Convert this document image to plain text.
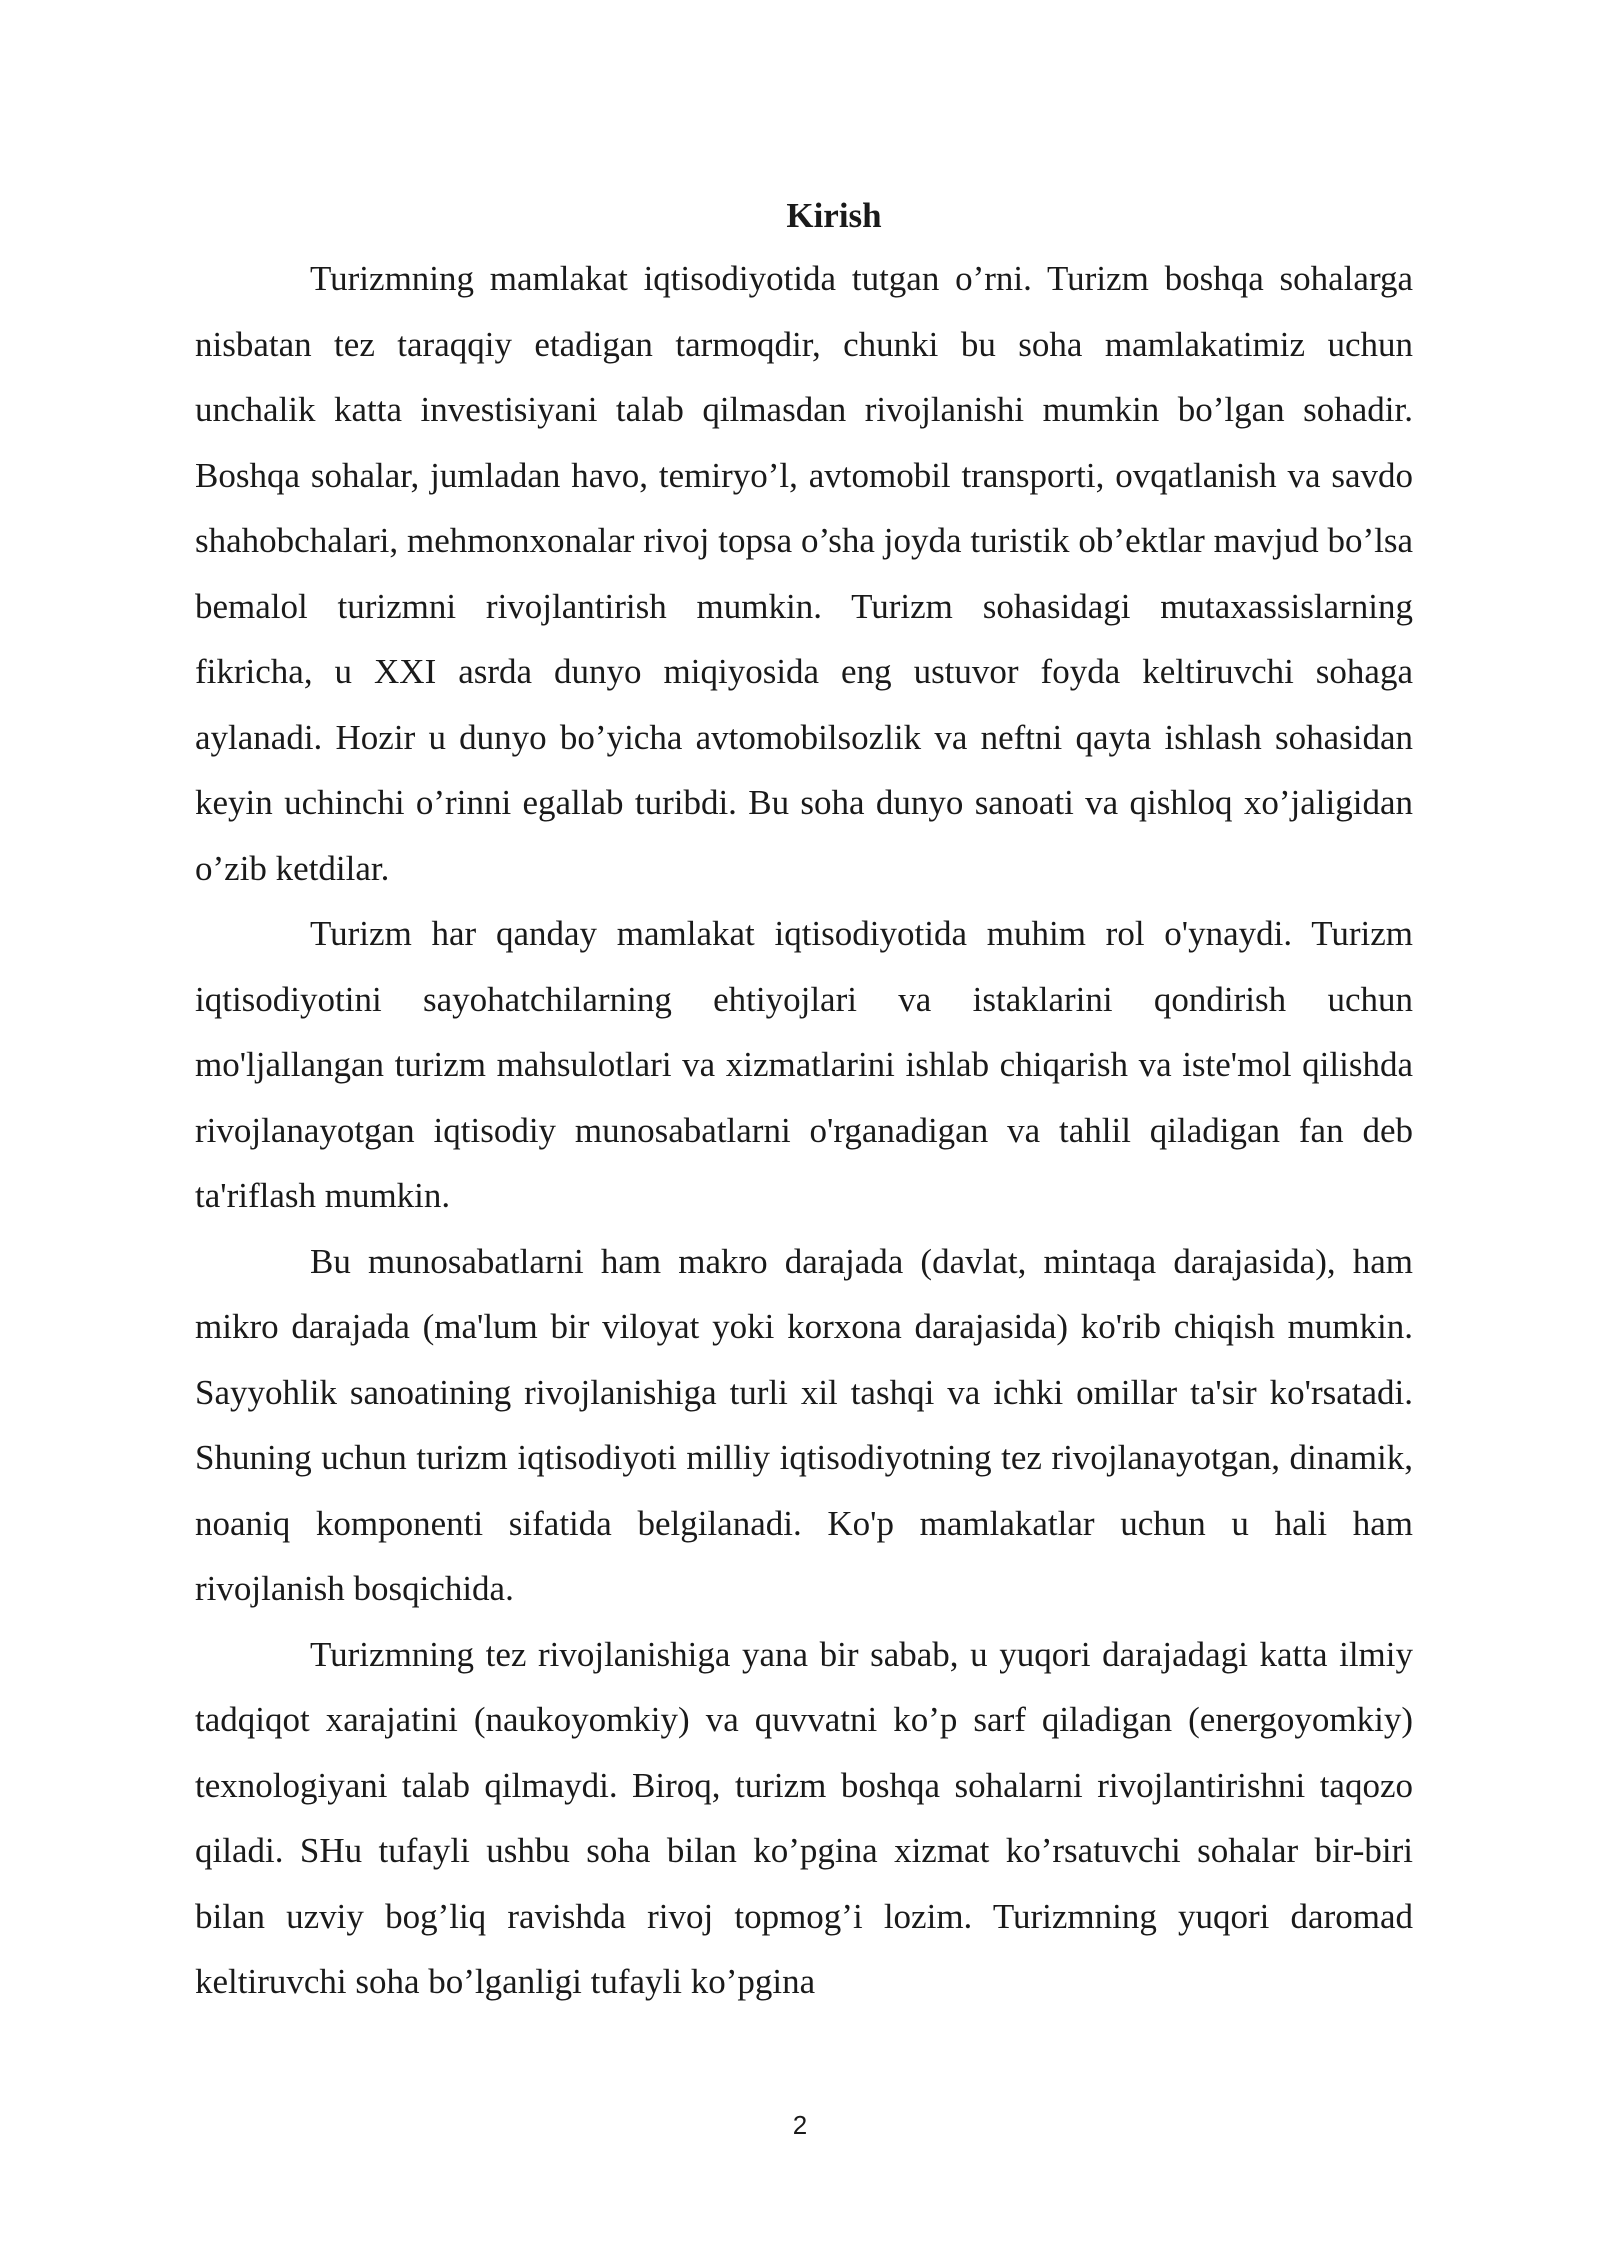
Kirish

Turizmning mamlakat iqtisodiyotida tutgan o’rni. Turizm boshqa sohalarga nisbatan tez taraqqiy etadigan tarmoqdir, chunki bu soha mamlakatimiz uchun unchalik katta investisiyani talab qilmasdan rivojlanishi mumkin bo’lgan sohadir. Boshqa sohalar, jumladan havo, temiryo’l, avtomobil transporti, ovqatlanish va savdo shahobchalari, mehmonxonalar rivoj topsa o’sha joyda turistik ob’ektlar mavjud bo’lsa bemalol turizmni rivojlantirish mumkin. Turizm sohasidagi mutaxassislarning fikricha, u XXI asrda dunyo miqiyosida eng ustuvor foyda keltiruvchi sohaga aylanadi. Hozir u dunyo bo’yicha avtomobilsozlik va neftni qayta ishlash sohasidan keyin uchinchi o’rinni egallab turibdi. Bu soha dunyo sanoati va qishloq xo’jaligidan o’zib ketdilar.

Turizm har qanday mamlakat iqtisodiyotida muhim rol o'ynaydi. Turizm iqtisodiyotini sayohatchilarning ehtiyojlari va istaklarini qondirish uchun mo'ljallangan turizm mahsulotlari va xizmatlarini ishlab chiqarish va iste'mol qilishda rivojlanayotgan iqtisodiy munosabatlarni o'rganadigan va tahlil qiladigan fan deb ta'riflash mumkin.

Bu munosabatlarni ham makro darajada (davlat, mintaqa darajasida), ham mikro darajada (ma'lum bir viloyat yoki korxona darajasida) ko'rib chiqish mumkin. Sayyohlik sanoatining rivojlanishiga turli xil tashqi va ichki omillar ta'sir ko'rsatadi. Shuning uchun turizm iqtisodiyoti milliy iqtisodiyotning tez rivojlanayotgan, dinamik, noaniq komponenti sifatida belgilanadi. Ko'p mamlakatlar uchun u hali ham rivojlanish bosqichida.

Turizmning tez rivojlanishiga yana bir sabab, u yuqori darajadagi katta ilmiy tadqiqot xarajatini (naukoyomkiy) va quvvatni ko’p sarf qiladigan (energoyomkiy) texnologiyani talab qilmaydi. Biroq, turizm boshqa sohalarni rivojlantirishni taqozo qiladi. SHu tufayli ushbu soha bilan ko’pgina xizmat ko’rsatuvchi sohalar bir-biri bilan uzviy bog’liq ravishda rivoj topmog’i lozim. Turizmning yuqori daromad keltiruvchi soha bo’lganligi tufayli ko’pgina

2
